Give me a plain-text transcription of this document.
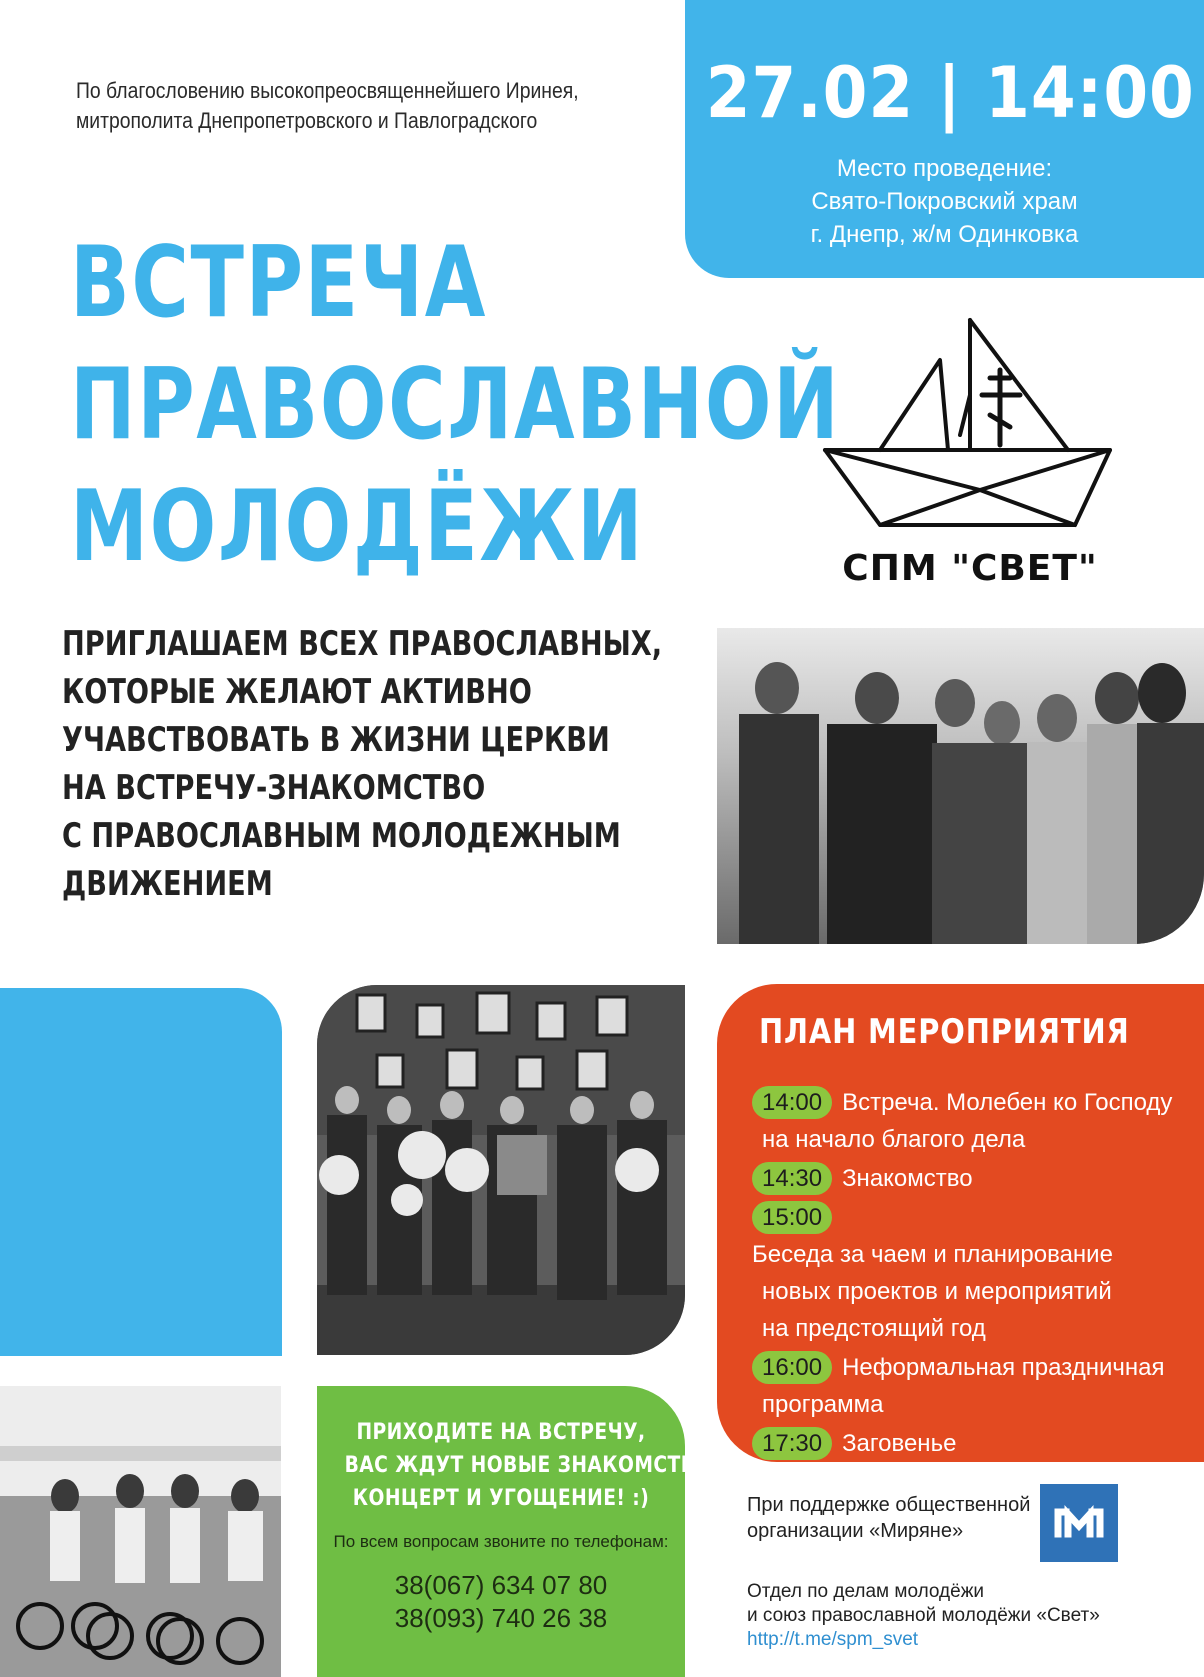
По благословению высокопреосвященнейшего Иринея,
митрополита Днепропетровского и Павлоградского	27.02 | 14:00
Место проведение:
Свято-Покровский храм
г. Днепр, ж/м Одинковка
ВСТРЕЧА
ПРАВОСЛАВНОЙ
МОЛОДЁЖИ	СПМ "СВЕТ"
ПРИГЛАШАЕМ ВСЕХ ПРАВОСЛАВНЫХ,
КОТОРЫЕ ЖЕЛАЮТ АКТИВНО
УЧАВСТВОВАТЬ В ЖИЗНИ ЦЕРКВИ
НА ВСТРЕЧУ-ЗНАКОМСТВО
С ПРАВОСЛАВНЫМ МОЛОДЕЖНЫМ
ДВИЖЕНИЕМ
ПЛАН МЕРОПРИЯТИЯ
14:00 Встреча. Молебен ко Господу
на начало благого дела
14:30 Знакомство
15:00Беседа за чаем и планирование
новых проектов и мероприятий
на предстоящий год
16:00 Неформальная праздничная
программа
17:30 Заговенье
ПРИХОДИТЕ НА ВСТРЕЧУ,
ВАС ЖДУТ НОВЫЕ ЗНАКОМСТВА,
КОНЦЕРТ И УГОЩЕНИЕ! :)
По всем вопросам звоните по телефонам:
38(067) 634 07 80
38(093) 740 26 38
При поддержке общественной
организации «Миряне»
Отдел по делам молодёжи
и союз православной молодёжи «Свет»
http://t.me/spm_svet
